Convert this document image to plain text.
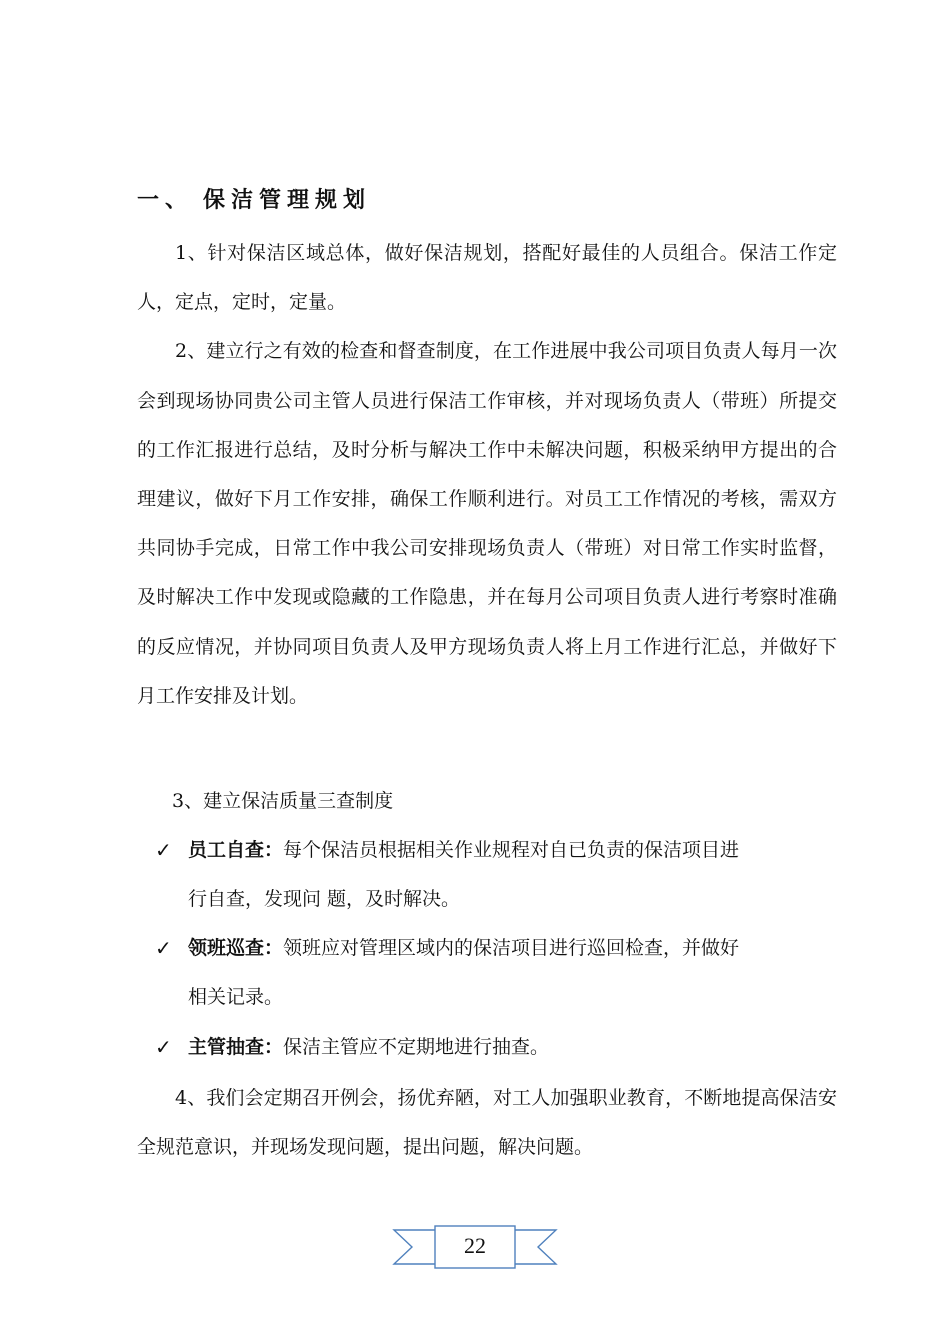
一、 保洁管理规划

1、针对保洁区域总体，做好保洁规划，搭配好最佳的人员组合。保洁工作定人，定点，定时，定量。

2、建立行之有效的检查和督查制度，在工作进展中我公司项目负责人每月一次会到现场协同贵公司主管人员进行保洁工作审核，并对现场负责人（带班）所提交的工作汇报进行总结，及时分析与解决工作中未解决问题，积极采纳甲方提出的合理建议，做好下月工作安排，确保工作顺利进行。对员工工作情况的考核，需双方共同协手完成，日常工作中我公司安排现场负责人（带班）对日常工作实时监督，及时解决工作中发现或隐藏的工作隐患，并在每月公司项目负责人进行考察时准确的反应情况，并协同项目负责人及甲方现场负责人将上月工作进行汇总，并做好下月工作安排及计划。

3、建立保洁质量三查制度
✓ 员工自查：每个保洁员根据相关作业规程对自已负责的保洁项目进
行自查，发现问 题，及时解决。
✓ 领班巡查：领班应对管理区域内的保洁项目进行巡回检查，并做好
相关记录。
✓ 主管抽查：保洁主管应不定期地进行抽查。

4、我们会定期召开例会，扬优弃陋，对工人加强职业教育，不断地提高保洁安全规范意识，并现场发现问题，提出问题，解决问题。

22
